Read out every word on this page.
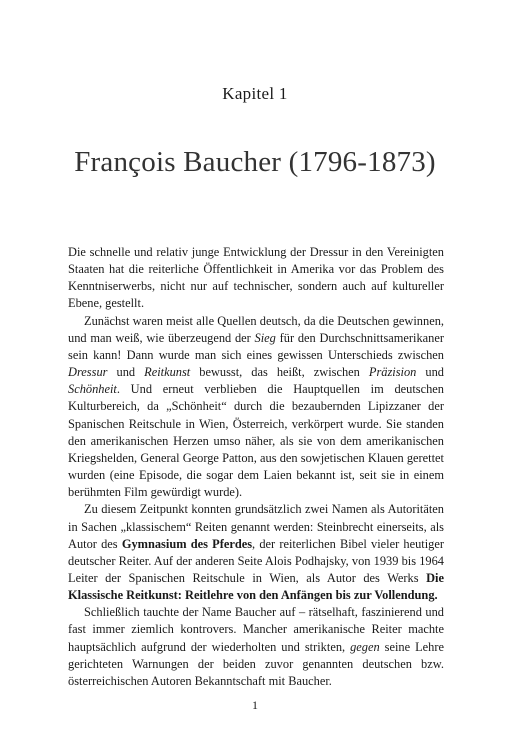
Kapitel 1
François Baucher (1796-1873)

Die schnelle und relativ junge Entwicklung der Dressur in den Vereinigten Staaten hat die reiterliche Öffentlichkeit in Amerika vor das Problem des Kenntniserwerbs, nicht nur auf technischer, sondern auch auf kultureller Ebene, gestellt.

Zunächst waren meist alle Quellen deutsch, da die Deutschen gewinnen, und man weiß, wie überzeugend der Sieg für den Durchschnittsamerikaner sein kann! Dann wurde man sich eines gewissen Unterschieds zwischen Dressur und Reitkunst bewusst, das heißt, zwischen Präzision und Schönheit. Und erneut verblieben die Hauptquellen im deutschen Kulturbereich, da „Schönheit“ durch die bezaubernden Lipizzaner der Spanischen Reitschule in Wien, Österreich, verkörpert wurde. Sie standen den amerikanischen Herzen umso näher, als sie von dem amerikanischen Kriegshelden, General George Patton, aus den sowjetischen Klauen gerettet wurden (eine Episode, die sogar dem Laien bekannt ist, seit sie in einem berühmten Film gewürdigt wurde).

Zu diesem Zeitpunkt konnten grundsätzlich zwei Namen als Autoritäten in Sachen „klassischem“ Reiten genannt werden: Steinbrecht einerseits, als Autor des Gymnasium des Pferdes, der reiterlichen Bibel vieler heutiger deutscher Reiter. Auf der anderen Seite Alois Podhajsky, von 1939 bis 1964 Leiter der Spanischen Reitschule in Wien, als Autor des Werks Die Klassische Reitkunst: Reitlehre von den Anfängen bis zur Vollendung.

Schließlich tauchte der Name Baucher auf – rätselhaft, faszinierend und fast immer ziemlich kontrovers. Mancher amerikanische Reiter machte hauptsächlich aufgrund der wiederholten und strikten, gegen seine Lehre gerichteten Warnungen der beiden zuvor genannten deutschen bzw. österreichischen Autoren Bekanntschaft mit Baucher.

1
